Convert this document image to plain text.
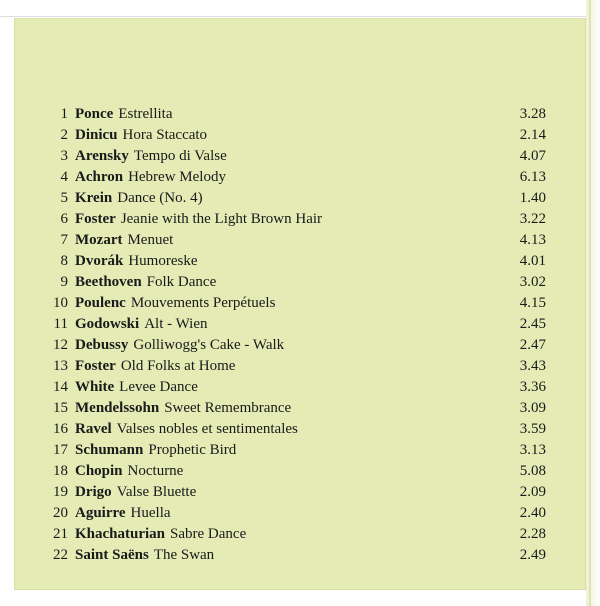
1 Ponce Estrellita	3.28
2 Dinicu Hora Staccato	2.14
3 Arensky Tempo di Valse	4.07
4 Achron Hebrew Melody	6.13
5 Krein Dance (No. 4)	1.40
6 Foster Jeanie with the Light Brown Hair	3.22
7 Mozart Menuet	4.13
8 Dvorák Humoreske	4.01
9 Beethoven Folk Dance	3.02
10 Poulenc Mouvements Perpétuels	4.15
11 Godowski Alt - Wien	2.45
12 Debussy Golliwogg's Cake - Walk	2.47
13 Foster Old Folks at Home	3.43
14 White Levee Dance	3.36
15 Mendelssohn Sweet Remembrance	3.09
16 Ravel Valses nobles et sentimentales	3.59
17 Schumann Prophetic Bird	3.13
18 Chopin Nocturne	5.08
19 Drigo Valse Bluette	2.09
20 Aguirre Huella	2.40
21 Khachaturian Sabre Dance	2.28
22 Saint Saëns The Swan	2.49
